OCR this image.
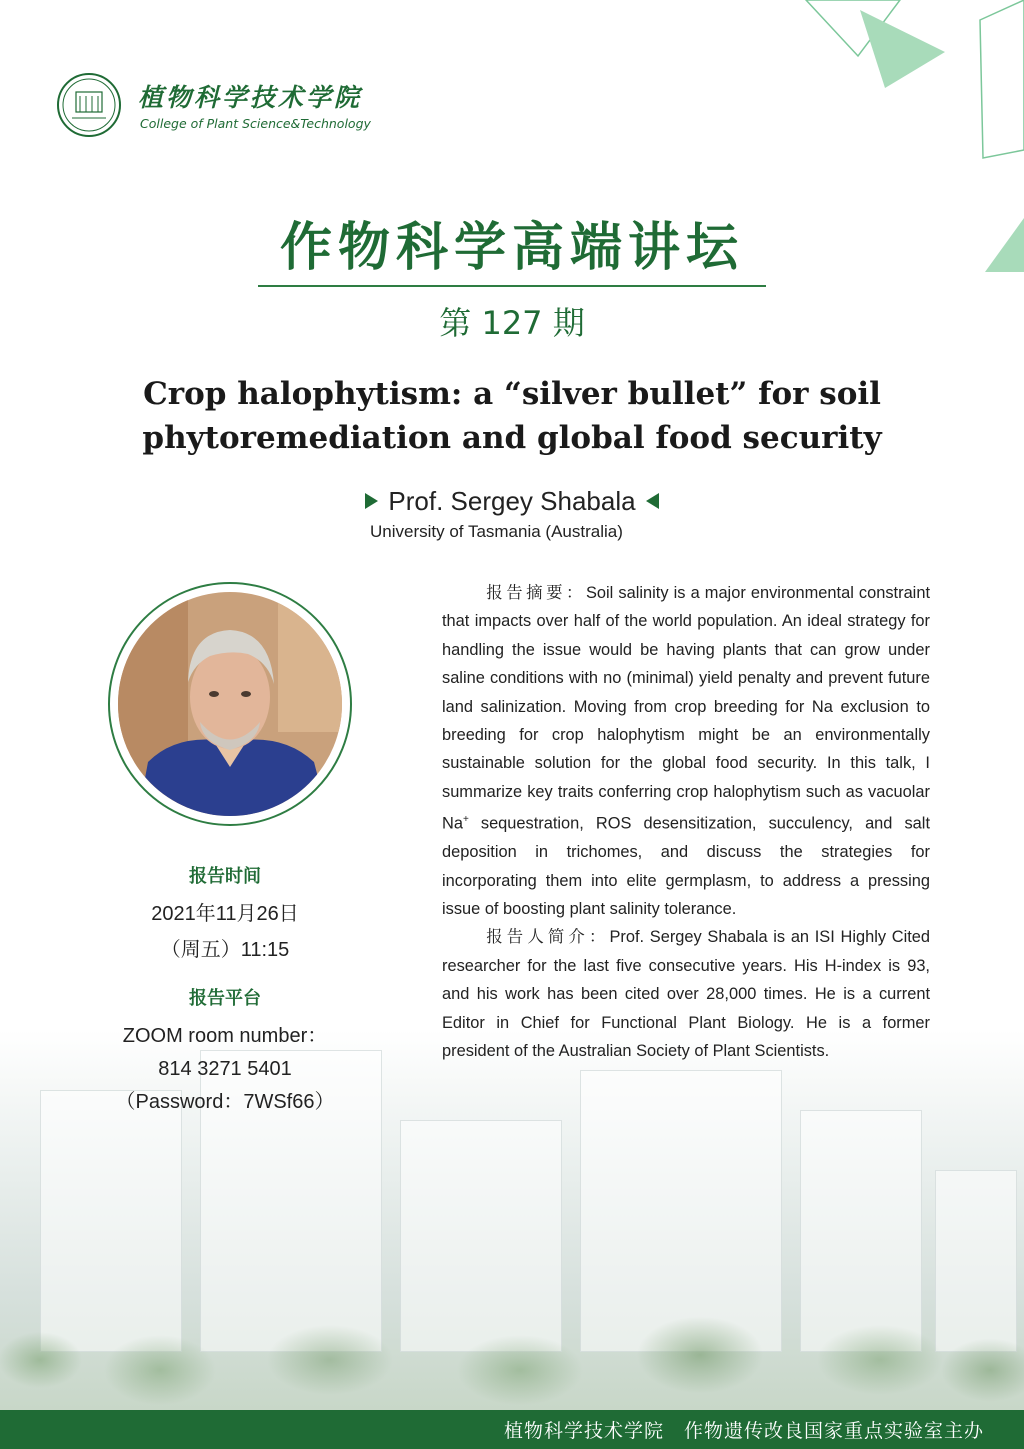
植物科学技术学院
College of Plant Science&Technology
作物科学高端讲坛
第 127 期
Crop halophytism: a “silver bullet” for soil
phytoremediation and global food security
Prof. Sergey Shabala
University of Tasmania (Australia)
报告时间
2021年11月26日
（周五）11:15
报告平台
ZOOM room number：
814 3271 5401
（Password：7WSf66）

报告摘要：Soil salinity is a major environmental constraint that impacts over half of the world population. An ideal strategy for handling the issue would be having plants that can grow under saline conditions with no (minimal) yield penalty and prevent future land salinization. Moving from crop breeding for Na exclusion to breeding for crop halophytism might be an environmentally sustainable solution for the global food security. In this talk, I summarize key traits conferring crop halophytism such as vacuolar Na+ sequestration, ROS desensitization, succulency, and salt deposition in trichomes, and discuss the strategies for incorporating them into elite germplasm, to address a pressing issue of boosting plant salinity tolerance.

报告人简介：Prof. Sergey Shabala is an ISI Highly Cited researcher for the last five consecutive years. His H-index is 93, and his work has been cited over 28,000 times. He is a current Editor in Chief for Functional Plant Biology. He is a former president of the Australian Society of Plant Scientists.

植物科学技术学院　作物遗传改良国家重点实验室主办
